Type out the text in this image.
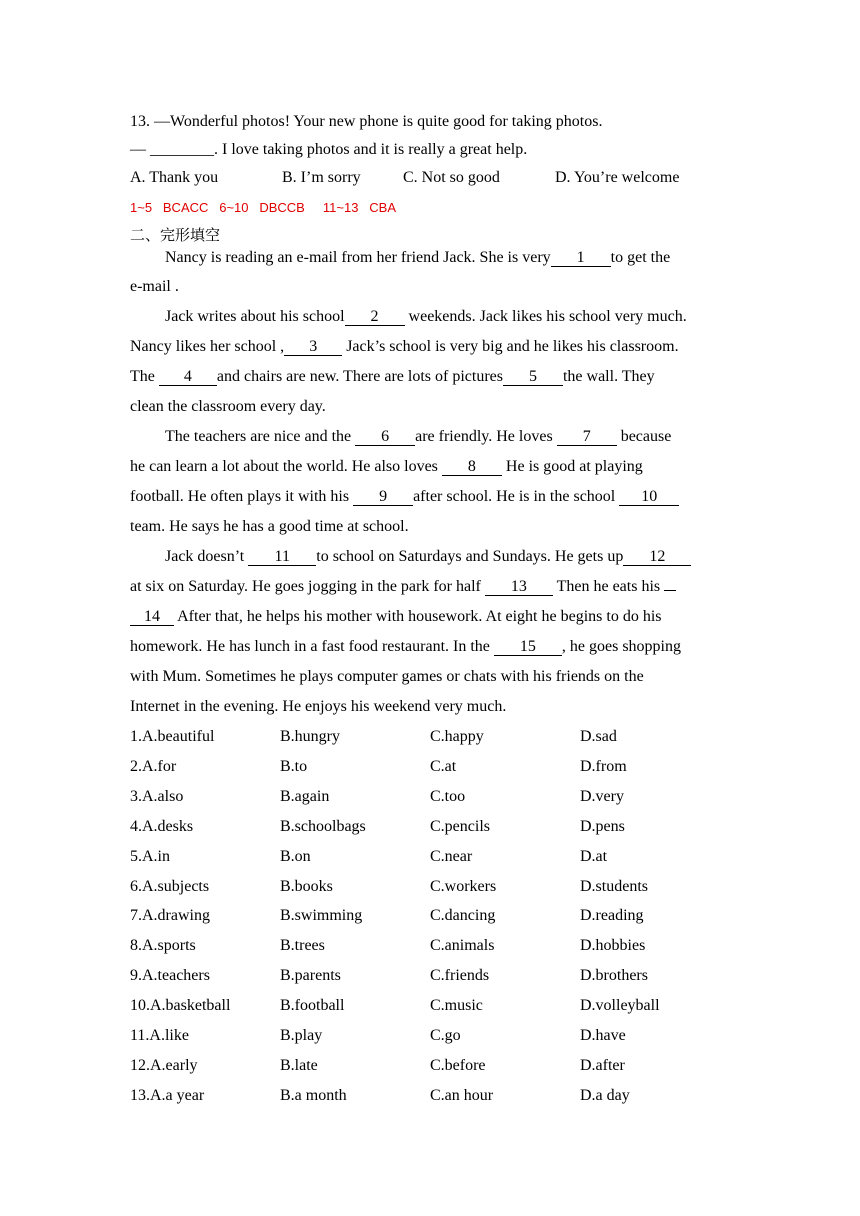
13. —Wonderful photos! Your new phone is quite good for taking photos.
— ________. I love taking photos and it is really a great help.
A. Thank you	B. I’m sorry	C. Not so good	D. You’re welcome
1~5   BCACC   6~10   DBCCB     11~13   CBA
二、完形填空
Nancy is reading an e-mail from her friend Jack. She is very 1 to get the
e-mail .
Jack writes about his school 2 weekends. Jack likes his school very much.
Nancy likes her school , 3 Jack’s school is very big and he likes his classroom.
The 4 and chairs are new. There are lots of pictures 5 the wall. They
clean the classroom every day.
The teachers are nice and the 6 are friendly. He loves 7 because
he can learn a lot about the world. He also loves 8 He is good at playing
football. He often plays it with his 9 after school. He is in the school 10
team. He says he has a good time at school.
Jack doesn’t 11 to school on Saturdays and Sundays. He gets up 12
at six on Saturday. He goes jogging in the park for half 13 Then he eats his
14 After that, he helps his mother with housework. At eight he begins to do his
homework. He has lunch in a fast food restaurant. In the 15 , he goes shopping
with Mum. Sometimes he plays computer games or chats with his friends on the
Internet in the evening. He enjoys his weekend very much.
1.A.beautiful	B.hungry	C.happy	D.sad
2.A.for	B.to	C.at	D.from
3.A.also	B.again	C.too	D.very
4.A.desks	B.schoolbags	C.pencils	D.pens
5.A.in	B.on	C.near	D.at
6.A.subjects	B.books	C.workers	D.students
7.A.drawing	B.swimming	C.dancing	D.reading
8.A.sports	B.trees	C.animals	D.hobbies
9.A.teachers	B.parents	C.friends	D.brothers
10.A.basketball	B.football	C.music	D.volleyball
11.A.like	B.play	C.go	D.have
12.A.early	B.late	C.before	D.after
13.A.a year	B.a month	C.an hour	D.a day
